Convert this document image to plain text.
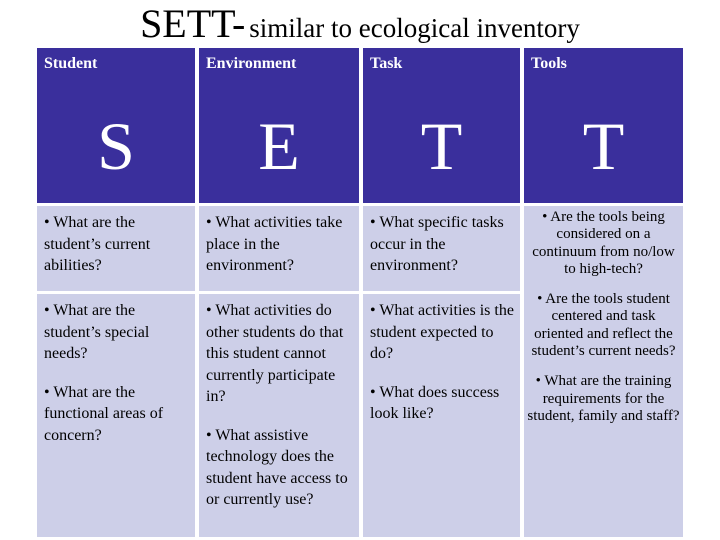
SETT- similar to ecological inventory
Student
S
Environment
E
Task
T
Tools
T

• What are the student’s current abilities?

• What activities take place in the environment?

• What specific tasks occur in the environment?

• Are the tools being considered on a continuum from no/low to high-tech?

• Are the tools student centered and task oriented and reflect the student’s current needs?

• What are the training requirements for the student, family and staff?

• What are the student’s special needs?

• What are the functional areas of concern?

• What activities do other students do that this student cannot currently participate in?

• What assistive technology does the student have access to or currently use?

• What activities is the student expected to do?

• What does success look like?
